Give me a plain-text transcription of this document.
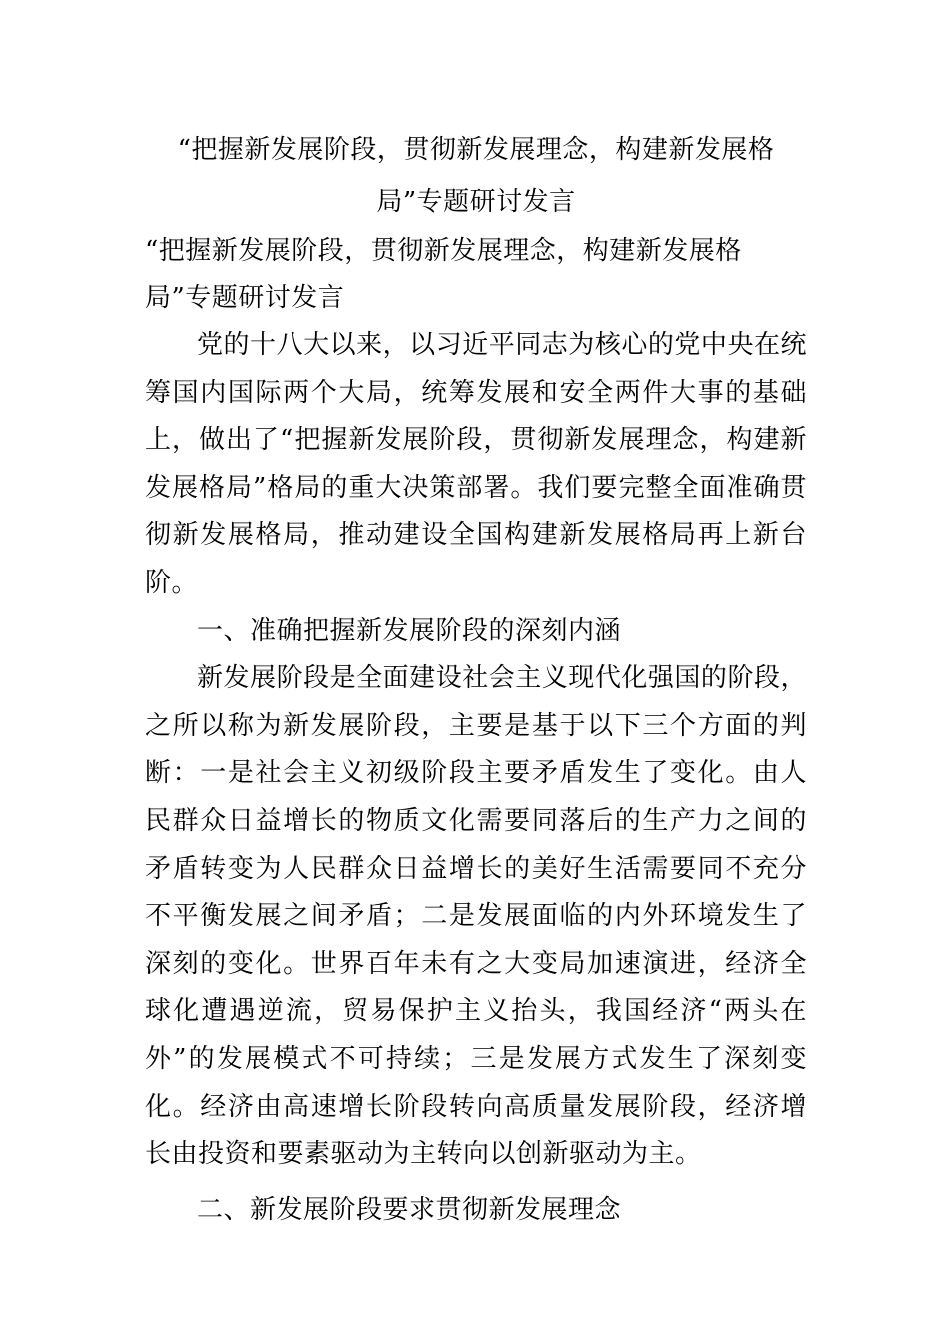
“把握新发展阶段，贯彻新发展理念，构建新发展格局”专题研讨发言

“把握新发展阶段，贯彻新发展理念，构建新发展格局”专题研讨发言

党的十八大以来，以习近平同志为核心的党中央在统筹国内国际两个大局，统筹发展和安全两件大事的基础上，做出了“把握新发展阶段，贯彻新发展理念，构建新发展格局”格局的重大决策部署。我们要完整全面准确贯彻新发展格局，推动建设全国构建新发展格局再上新台阶。

一、准确把握新发展阶段的深刻内涵

新发展阶段是全面建设社会主义现代化强国的阶段，之所以称为新发展阶段，主要是基于以下三个方面的判断：一是社会主义初级阶段主要矛盾发生了变化。由人民群众日益增长的物质文化需要同落后的生产力之间的矛盾转变为人民群众日益增长的美好生活需要同不充分不平衡发展之间矛盾；二是发展面临的内外环境发生了深刻的变化。世界百年未有之大变局加速演进，经济全球化遭遇逆流，贸易保护主义抬头，我国经济“两头在外”的发展模式不可持续；三是发展方式发生了深刻变化。经济由高速增长阶段转向高质量发展阶段，经济增长由投资和要素驱动为主转向以创新驱动为主。

二、新发展阶段要求贯彻新发展理念
